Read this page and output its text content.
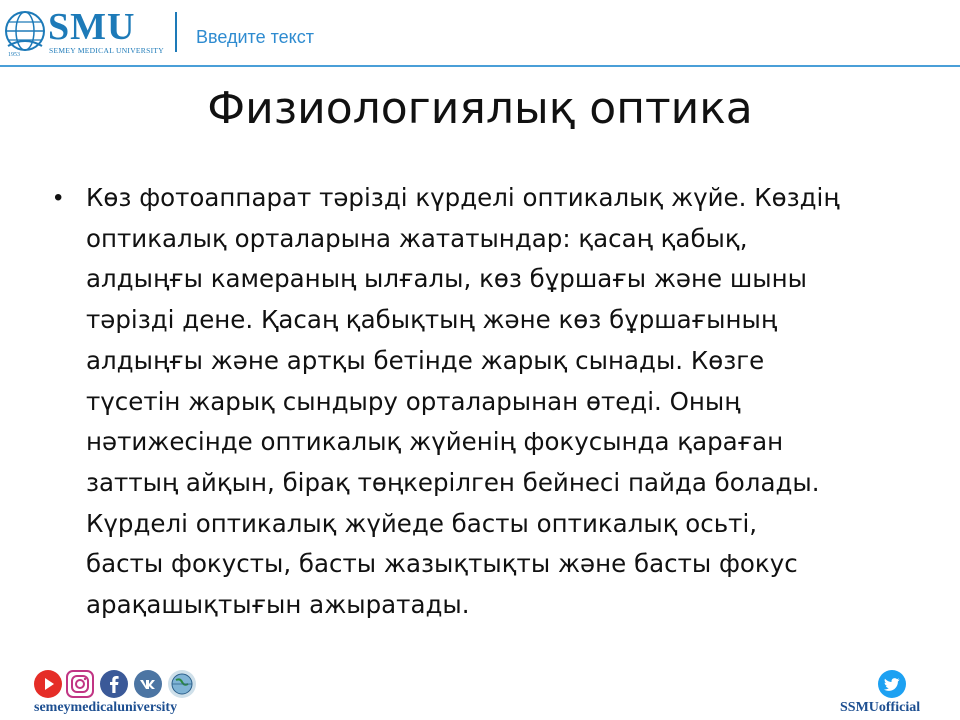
SMU
SEMEY MEDICAL UNIVERSITY
1953
Введите текст
Физиологиялық оптика
• Көз фотоаппарат тәрізді күрделі оптикалық жүйе. Көздің
оптикалық орталарына жататындар: қасаң қабық,
алдыңғы камераның ылғалы, көз бұршағы және шыны
тәрізді дене. Қасаң қабықтың және көз бұршағының
алдыңғы және артқы бетінде жарық сынады. Көзге
түсетін жарық сындыру орталарынан өтеді. Оның
нәтижесінде оптикалық жүйенің фокусында қараған
заттың айқын, бірақ төңкерілген бейнесі пайда болады.
Күрделі оптикалық жүйеде басты оптикалық осьті,
басты фокусты, басты жазықтықты және басты фокус
арақашықтығын ажыратады.

semeymedicaluniversity	SSMUofficial
